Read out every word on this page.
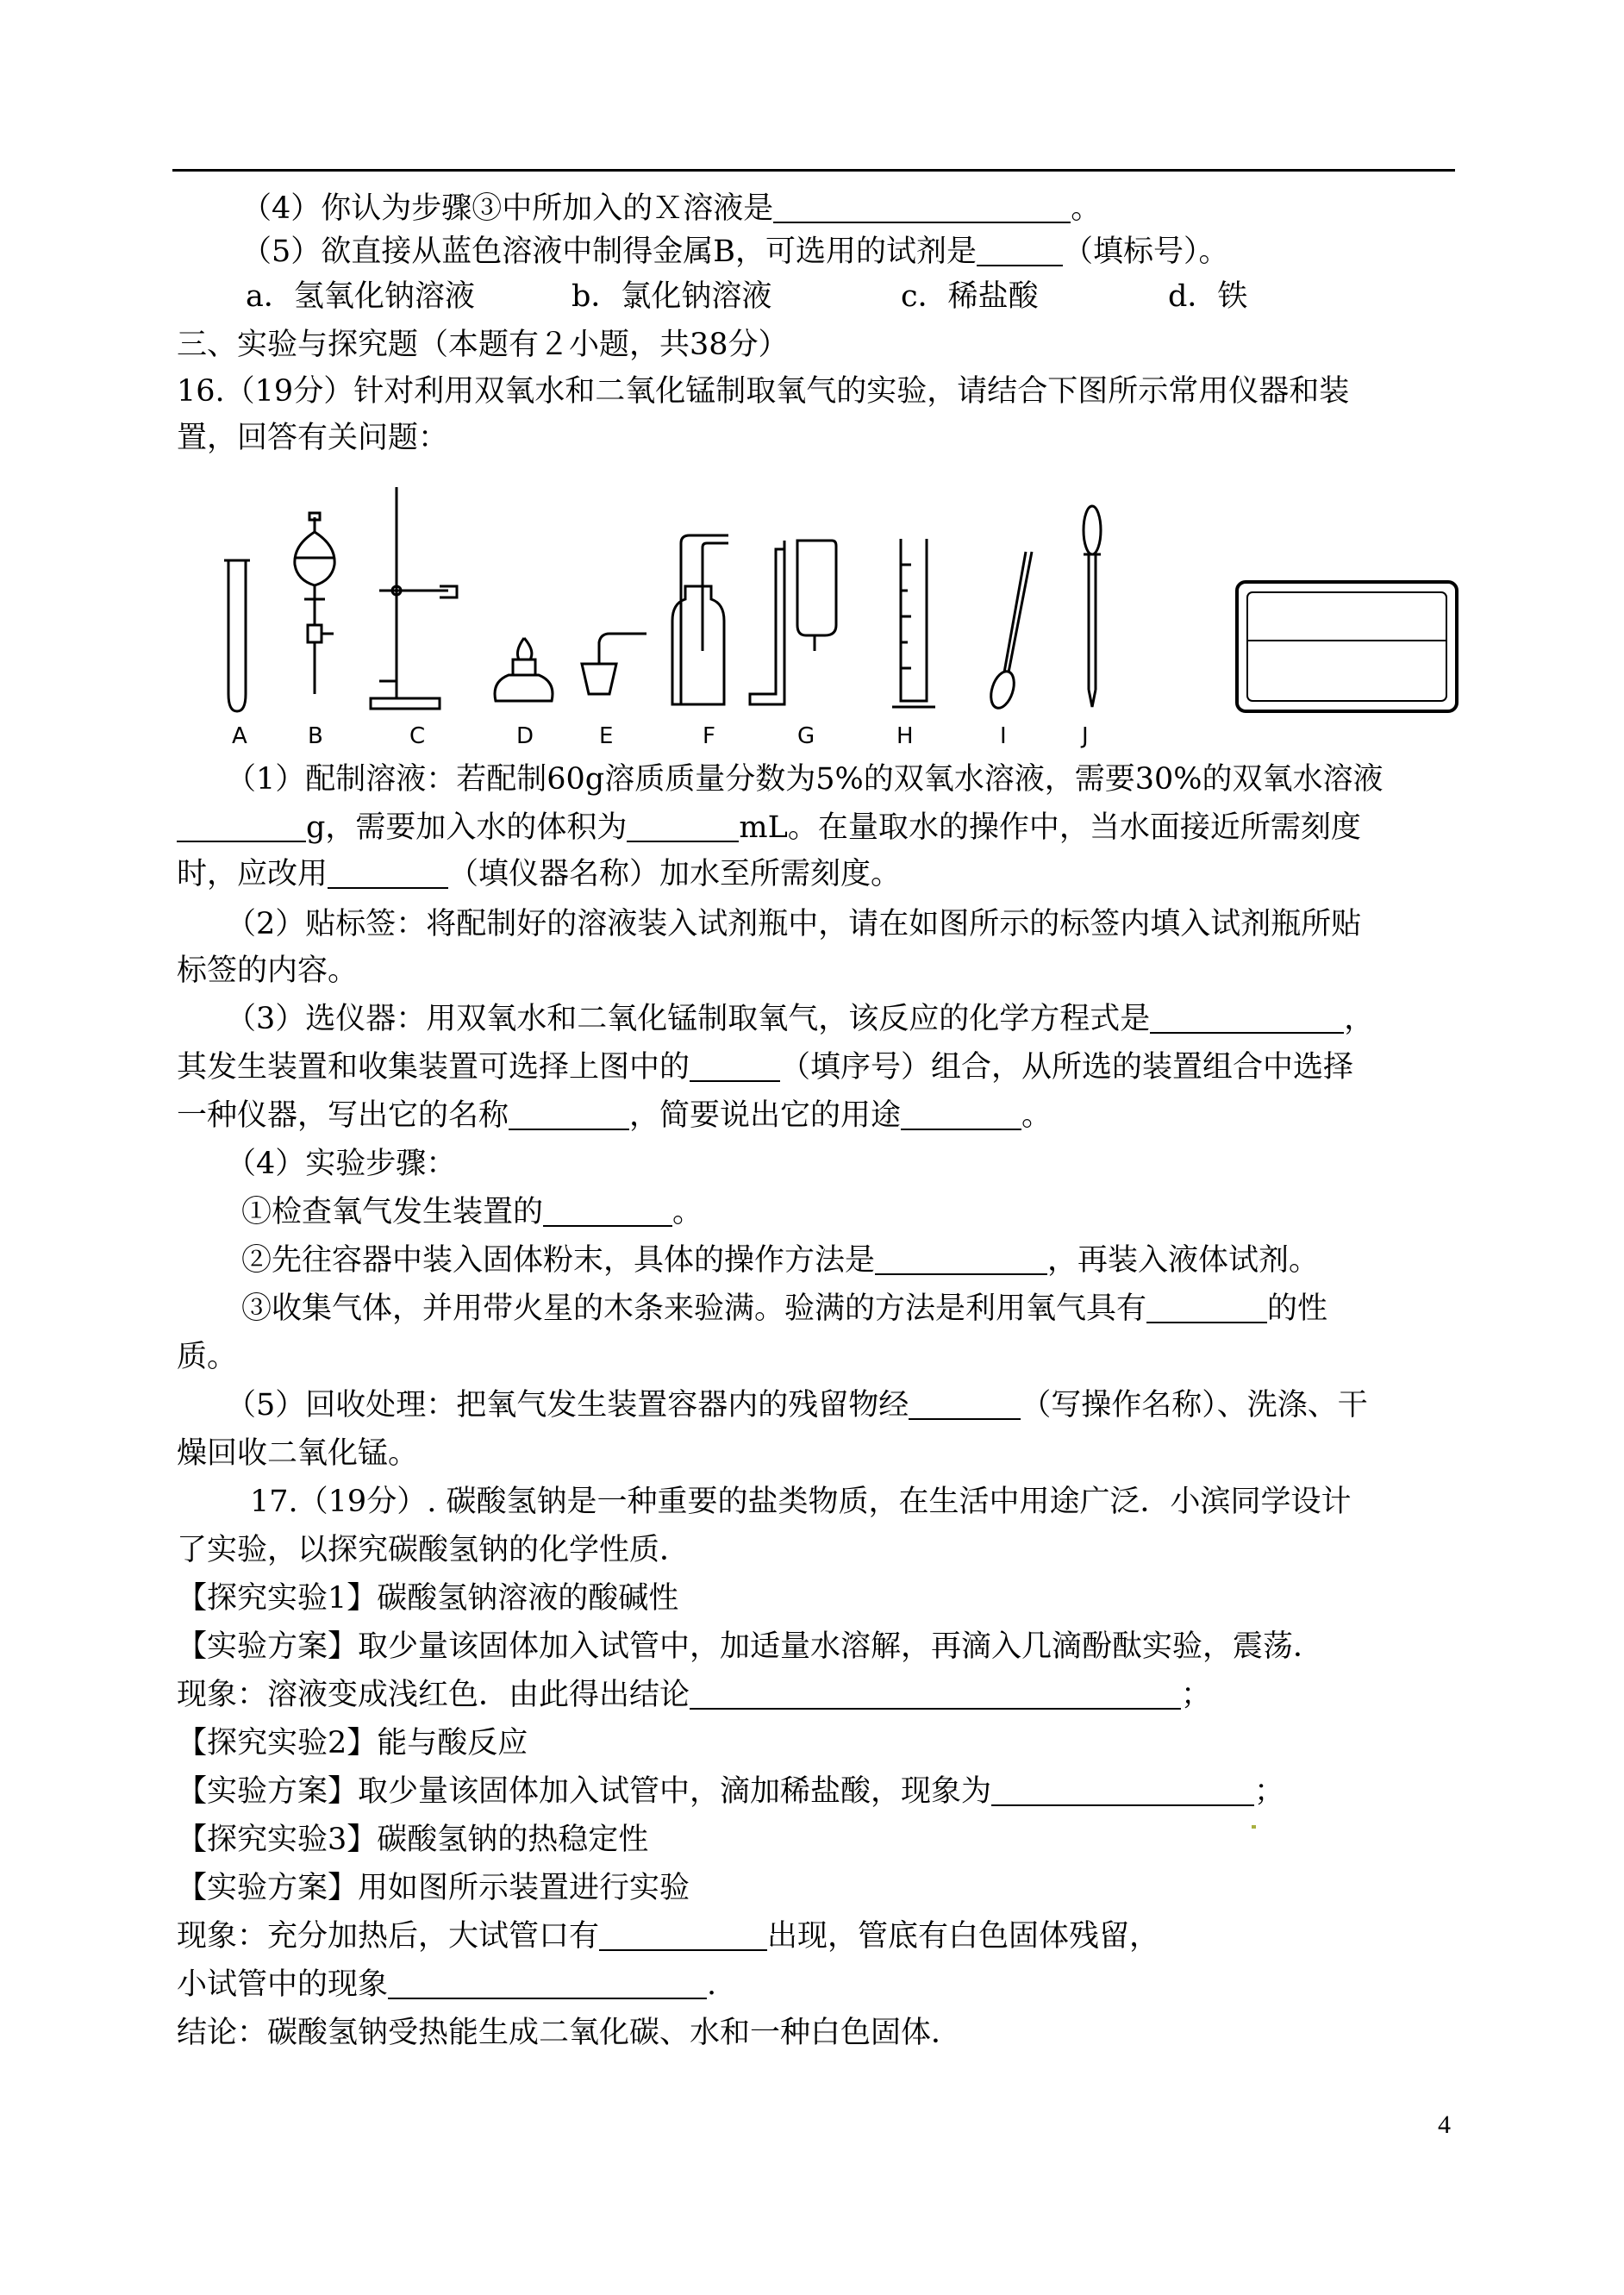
（4）你认为步骤③中所加入的Ｘ溶液是	。
（5）欲直接从蓝色溶液中制得金属B，可选用的试剂是	（填标号）。
a．氢氧化钠溶液	b．氯化钠溶液	c．稀盐酸	d．铁
三、实验与探究题（本题有２小题，共38分）
16.（19分）针对利用双氧水和二氧化锰制取氧气的实验，请结合下图所示常用仪器和装
置，回答有关问题：
A	B	C	D	E	F	G	H	I	J
（1）配制溶液：若配制60g溶质质量分数为5%的双氧水溶液，需要30%的双氧水溶液
g，需要加入水的体积为	mL。在量取水的操作中，当水面接近所需刻度
时，应改用	（填仪器名称）加水至所需刻度。
（2）贴标签：将配制好的溶液装入试剂瓶中，请在如图所示的标签内填入试剂瓶所贴
标签的内容。
（3）选仪器：用双氧水和二氧化锰制取氧气，该反应的化学方程式是	，
其发生装置和收集装置可选择上图中的	（填序号）组合，从所选的装置组合中选择
一种仪器，写出它的名称	，简要说出它的用途	。
（4）实验步骤：
①检查氧气发生装置的	。
②先往容器中装入固体粉末，具体的操作方法是	，再装入液体试剂。
③收集气体，并用带火星的木条来验满。验满的方法是利用氧气具有	的性
质。
（5）回收处理：把氧气发生装置容器内的残留物经	（写操作名称）、洗涤、干
燥回收二氧化锰。
17.（19分）. 碳酸氢钠是一种重要的盐类物质，在生活中用途广泛．小滨同学设计
了实验，以探究碳酸氢钠的化学性质．
【探究实验1】碳酸氢钠溶液的酸碱性
【实验方案】取少量该固体加入试管中，加适量水溶解，再滴入几滴酚酞实验，震荡．
现象：溶液变成浅红色．由此得出结论	；
【探究实验2】能与酸反应
【实验方案】取少量该固体加入试管中，滴加稀盐酸，现象为	；
【探究实验3】碳酸氢钠的热稳定性
【实验方案】用如图所示装置进行实验
现象：充分加热后，大试管口有	出现，管底有白色固体残留，
小试管中的现象	.
结论：碳酸氢钠受热能生成二氧化碳、水和一种白色固体．
4
